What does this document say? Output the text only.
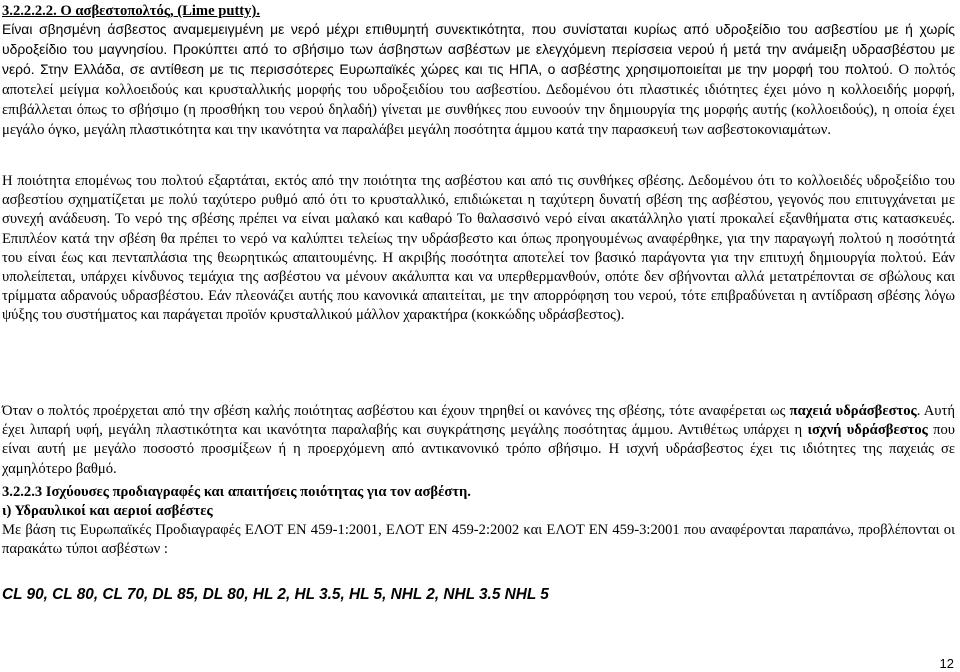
3.2.2.2.2. Ο ασβεστοπολτός, (Lime putty).

Είναι σβησμένη άσβεστος αναμεμειγμένη με νερό μέχρι επιθυμητή συνεκτικότητα, που συνίσταται κυρίως από υδροξείδιο του ασβεστίου με ή χωρίς υδροξείδιο του μαγνησίου. Προκύπτει από το σβήσιμο των άσβηστων ασβέστων με ελεγχόμενη περίσσεια νερού ή μετά την ανάμειξη υδρασβέστου με νερό. Στην Ελλάδα, σε αντίθεση με τις περισσότερες Ευρωπαϊκές χώρες και τις ΗΠΑ, ο ασβέστης χρησιμοποιείται με την μορφή του πολτού. Ο πολτός αποτελεί μείγμα κολλοειδούς και κρυσταλλικής μορφής του υδροξειδίου του ασβεστίου. Δεδομένου ότι πλαστικές ιδιότητες έχει μόνο η κολλοειδής μορφή, επιβάλλεται όπως το σβήσιμο (η προσθήκη του νερού δηλαδή) γίνεται με συνθήκες που ευνοούν την δημιουργία της μορφής αυτής (κολλοειδούς), η οποία έχει μεγάλο όγκο, μεγάλη πλαστικότητα και την ικανότητα να παραλάβει μεγάλη ποσότητα άμμου κατά την παρασκευή των ασβεστοκονιαμάτων.

Η ποιότητα επομένως του πολτού εξαρτάται, εκτός από την ποιότητα της ασβέστου και από τις συνθήκες σβέσης. Δεδομένου ότι το κολλοειδές υδροξείδιο του ασβεστίου σχηματίζεται με πολύ ταχύτερο ρυθμό από ότι το κρυσταλλικό, επιδιώκεται η ταχύτερη δυνατή σβέση της ασβέστου, γεγονός που επιτυγχάνεται με συνεχή ανάδευση. Το νερό της σβέσης πρέπει να είναι μαλακό και καθαρό Το θαλασσινό νερό είναι ακατάλληλο γιατί προκαλεί εξανθήματα στις κατασκευές. Επιπλέον κατά την σβέση θα πρέπει το νερό να καλύπτει τελείως την υδράσβεστο και όπως προηγουμένως αναφέρθηκε, για την παραγωγή πολτού η ποσότητά του είναι έως και πενταπλάσια της θεωρητικώς απαιτουμένης. Η ακριβής ποσότητα αποτελεί τον βασικό παράγοντα για την επιτυχή δημιουργία πολτού. Εάν υπολείπεται, υπάρχει κίνδυνος τεμάχια της ασβέστου να μένουν ακάλυπτα και να υπερθερμανθούν, οπότε δεν σβήνονται αλλά μετατρέπονται σε σβώλους και τρίμματα αδρανούς υδρασβέστου. Εάν πλεονάζει αυτής που κανονικά απαιτείται, με την απορρόφηση του νερού, τότε επιβραδύνεται η αντίδραση σβέσης λόγω ψύξης του συστήματος και παράγεται προϊόν κρυσταλλικού μάλλον χαρακτήρα (κοκκώδης υδράσβεστος).

Όταν ο πολτός προέρχεται από την σβέση καλής ποιότητας ασβέστου και έχουν τηρηθεί οι κανόνες της σβέσης, τότε αναφέρεται ως παχειά υδράσβεστος. Αυτή έχει λιπαρή υφή, μεγάλη πλαστικότητα και ικανότητα παραλαβής και συγκράτησης μεγάλης ποσότητας άμμου. Αντιθέτως υπάρχει η ισχνή υδράσβεστος που είναι αυτή με μεγάλο ποσοστό προσμίξεων ή η προερχόμενη από αντικανονικό τρόπο σβήσιμο. Η ισχνή υδράσβεστος έχει τις ιδιότητες της παχειάς σε χαμηλότερο βαθμό.

3.2.2.3 Ισχύουσες προδιαγραφές και απαιτήσεις ποιότητας για τον ασβέστη.
ι) Υδραυλικοί και αεριοί ασβέστες

Με βάση τις Ευρωπαϊκές Προδιαγραφές ΕΛΟΤ ΕΝ 459-1:2001, ΕΛΟΤ ΕΝ 459-2:2002 και ΕΛΟΤ ΕΝ 459-3:2001 που αναφέρονται παραπάνω, προβλέπονται οι παρακάτω τύποι ασβέστων :

CL 90, CL 80, CL 70, DL 85, DL 80, HL 2, HL 3.5, HL 5, NHL 2, NHL 3.5 NHL 5
12
